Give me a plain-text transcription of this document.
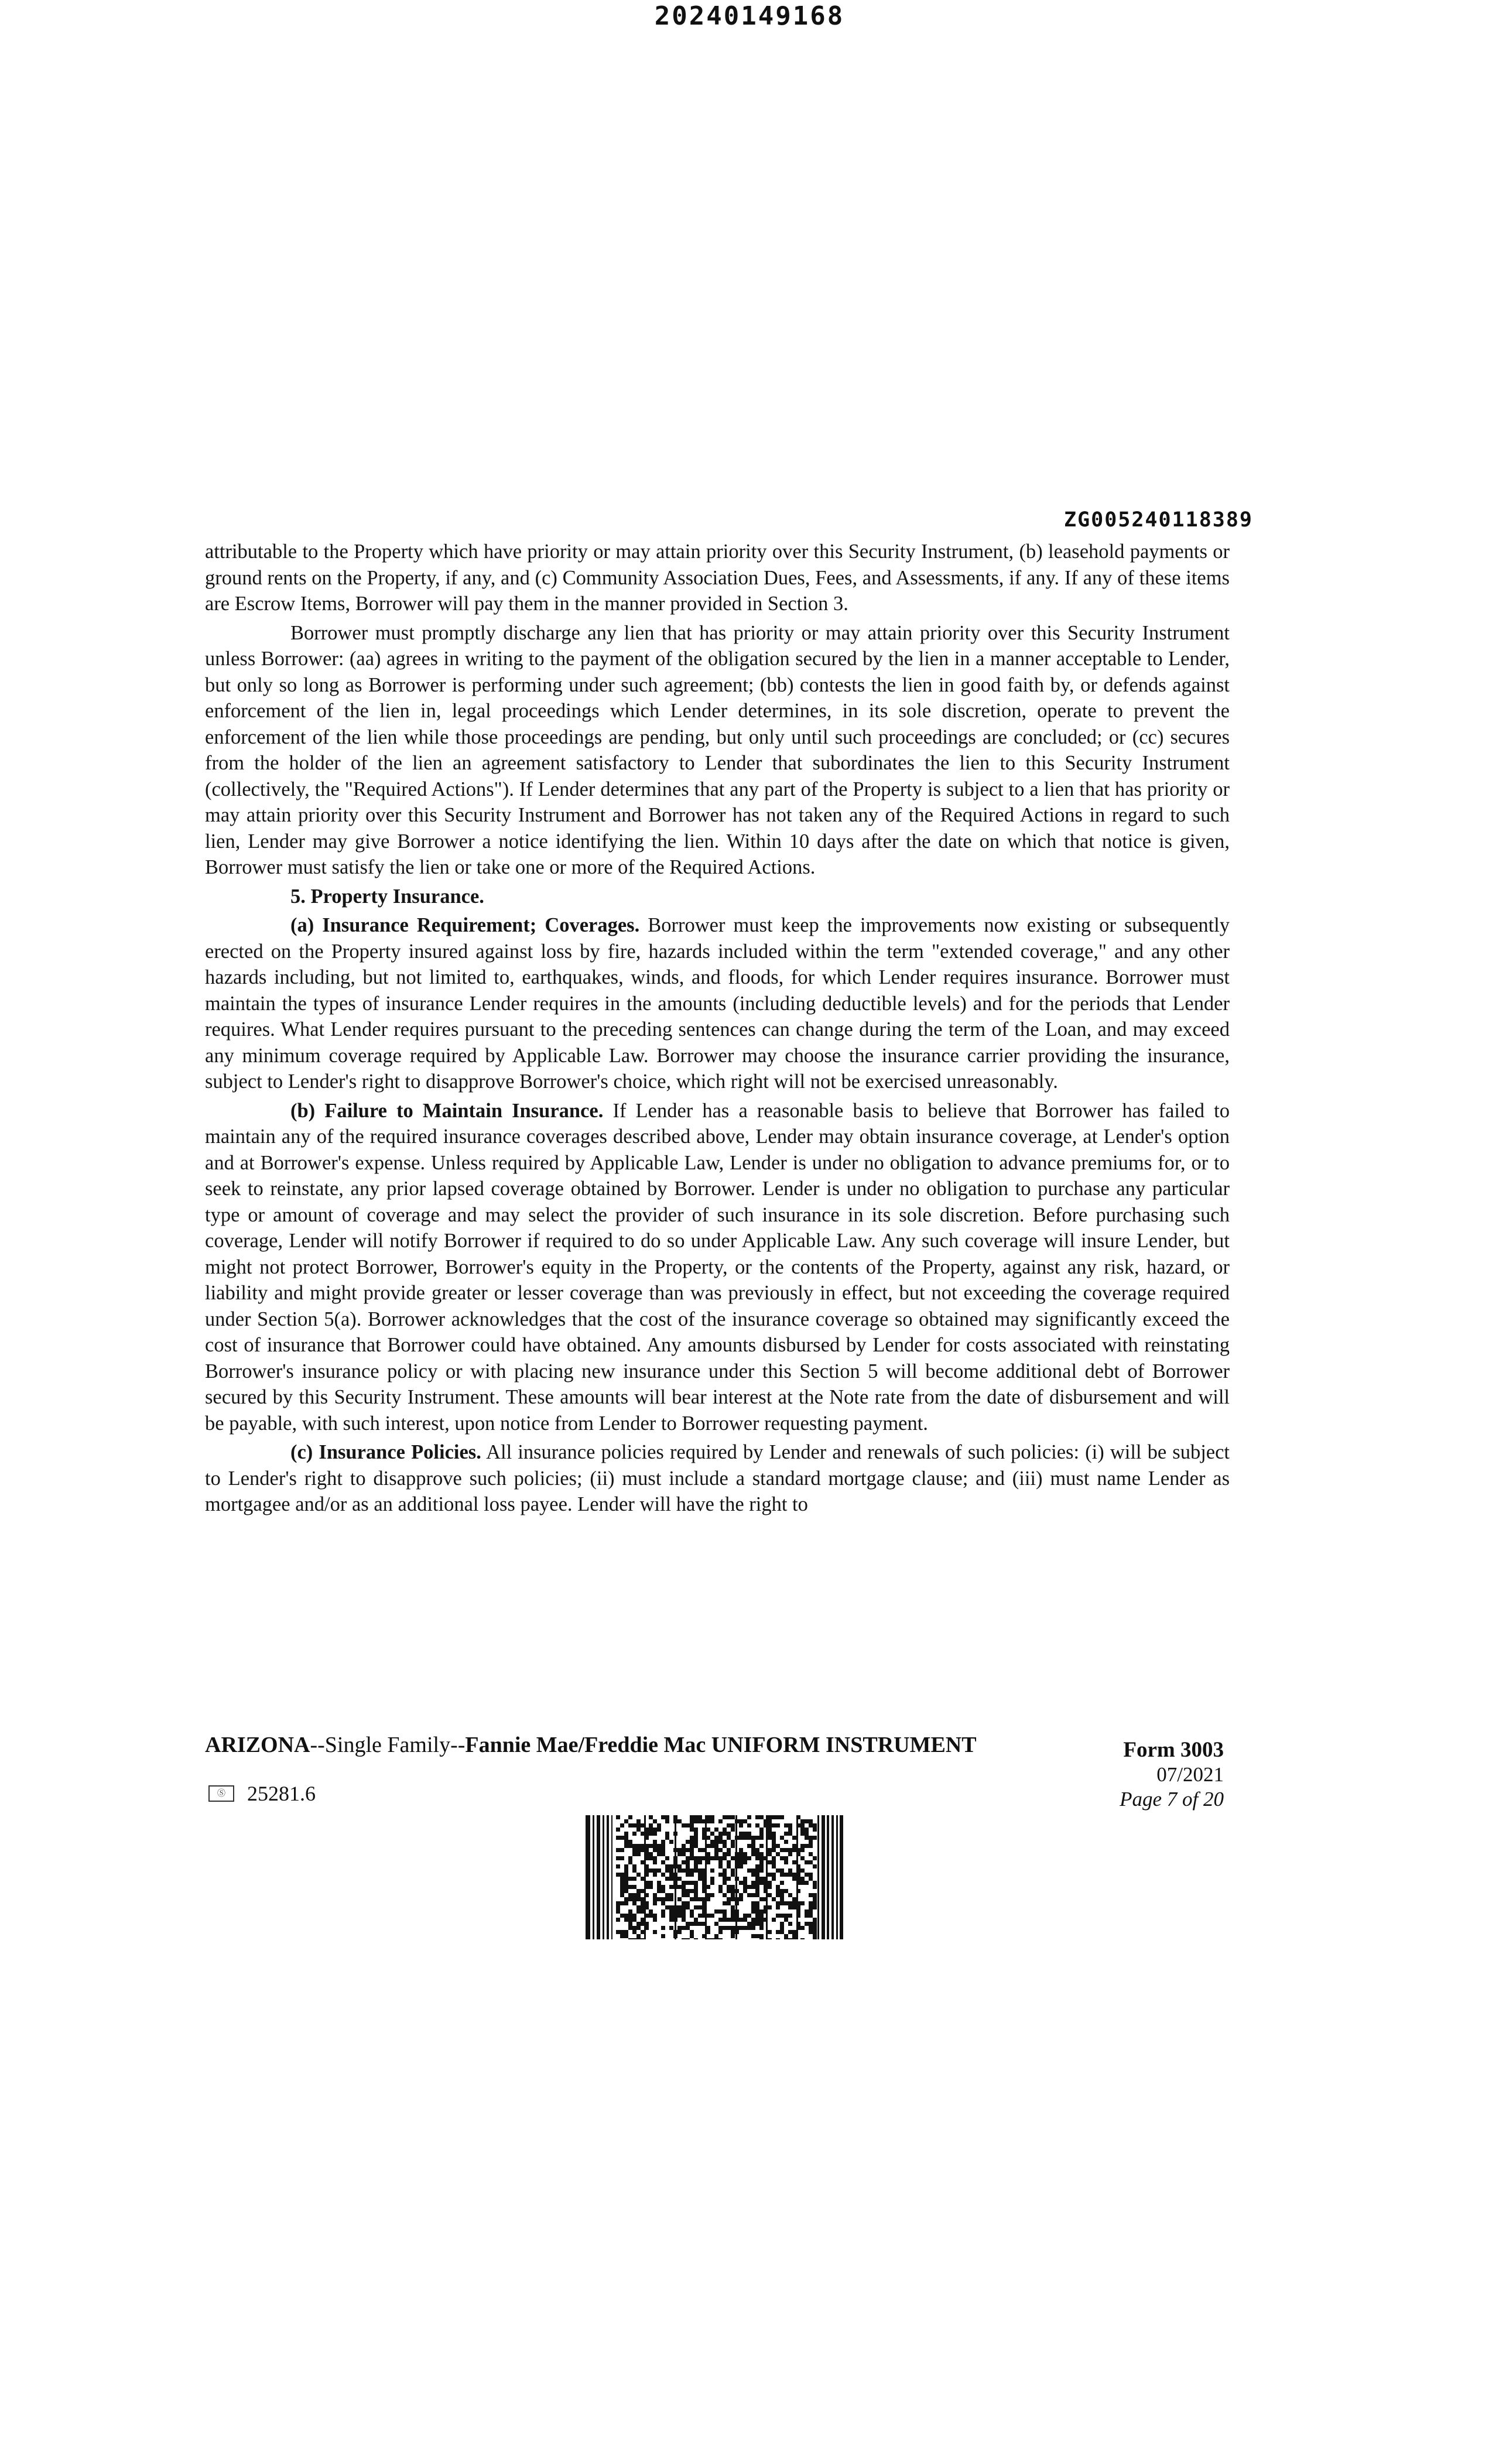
20240149168
ZG005240118389

attributable to the Property which have priority or may attain priority over this Security Instrument, (b) leasehold payments or ground rents on the Property, if any, and (c) Community Association Dues, Fees, and Assessments, if any. If any of these items are Escrow Items, Borrower will pay them in the manner provided in Section 3.

Borrower must promptly discharge any lien that has priority or may attain priority over this Security Instrument unless Borrower: (aa) agrees in writing to the payment of the obligation secured by the lien in a manner acceptable to Lender, but only so long as Borrower is performing under such agreement; (bb) contests the lien in good faith by, or defends against enforcement of the lien in, legal proceedings which Lender determines, in its sole discretion, operate to prevent the enforcement of the lien while those proceedings are pending, but only until such proceedings are concluded; or (cc) secures from the holder of the lien an agreement satisfactory to Lender that subordinates the lien to this Security Instrument (collectively, the "Required Actions"). If Lender determines that any part of the Property is subject to a lien that has priority or may attain priority over this Security Instrument and Borrower has not taken any of the Required Actions in regard to such lien, Lender may give Borrower a notice identifying the lien. Within 10 days after the date on which that notice is given, Borrower must satisfy the lien or take one or more of the Required Actions.

5. Property Insurance.

(a) Insurance Requirement; Coverages. Borrower must keep the improvements now existing or subsequently erected on the Property insured against loss by fire, hazards included within the term "extended coverage," and any other hazards including, but not limited to, earthquakes, winds, and floods, for which Lender requires insurance. Borrower must maintain the types of insurance Lender requires in the amounts (including deductible levels) and for the periods that Lender requires. What Lender requires pursuant to the preceding sentences can change during the term of the Loan, and may exceed any minimum coverage required by Applicable Law. Borrower may choose the insurance carrier providing the insurance, subject to Lender's right to disapprove Borrower's choice, which right will not be exercised unreasonably.

(b) Failure to Maintain Insurance. If Lender has a reasonable basis to believe that Borrower has failed to maintain any of the required insurance coverages described above, Lender may obtain insurance coverage, at Lender's option and at Borrower's expense. Unless required by Applicable Law, Lender is under no obligation to advance premiums for, or to seek to reinstate, any prior lapsed coverage obtained by Borrower. Lender is under no obligation to purchase any particular type or amount of coverage and may select the provider of such insurance in its sole discretion. Before purchasing such coverage, Lender will notify Borrower if required to do so under Applicable Law. Any such coverage will insure Lender, but might not protect Borrower, Borrower's equity in the Property, or the contents of the Property, against any risk, hazard, or liability and might provide greater or lesser coverage than was previously in effect, but not exceeding the coverage required under Section 5(a). Borrower acknowledges that the cost of the insurance coverage so obtained may significantly exceed the cost of insurance that Borrower could have obtained. Any amounts disbursed by Lender for costs associated with reinstating Borrower's insurance policy or with placing new insurance under this Section 5 will become additional debt of Borrower secured by this Security Instrument. These amounts will bear interest at the Note rate from the date of disbursement and will be payable, with such interest, upon notice from Lender to Borrower requesting payment.

(c) Insurance Policies. All insurance policies required by Lender and renewals of such policies: (i) will be subject to Lender's right to disapprove such policies; (ii) must include a standard mortgage clause; and (iii) must name Lender as mortgagee and/or as an additional loss payee. Lender will have the right to

ARIZONA--Single Family--Fannie Mae/Freddie Mac UNIFORM INSTRUMENT	Form 3003
07/2021
Page 7 of 20
Ⓢ	25281.6
